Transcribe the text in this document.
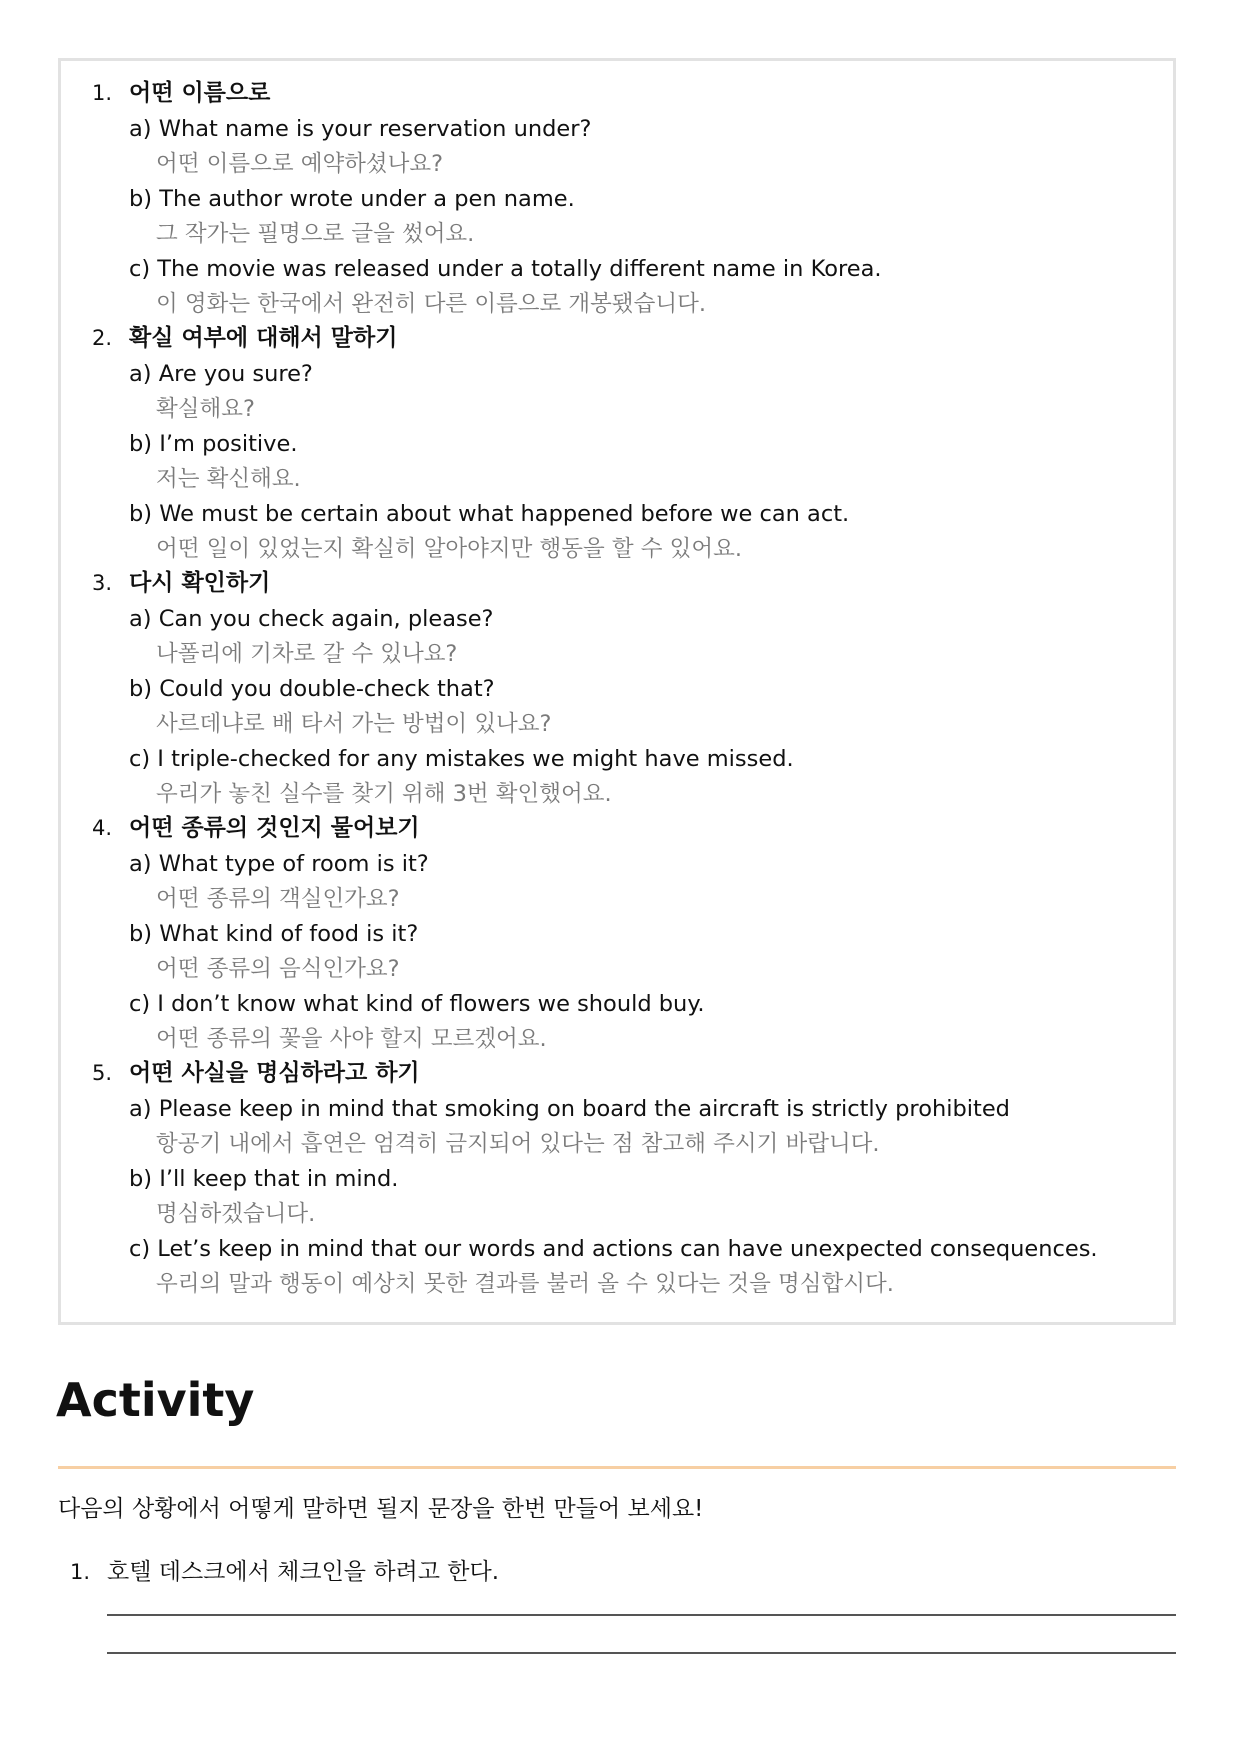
1. 어떤 이름으로
a) What name is your reservation under?
어떤 이름으로 예약하셨나요?
b) The author wrote under a pen name.
그 작가는 필명으로 글을 썼어요.
c) The movie was released under a totally different name in Korea.
이 영화는 한국에서 완전히 다른 이름으로 개봉됐습니다.
2. 확실 여부에 대해서 말하기
a) Are you sure?
확실해요?
b) I’m positive.
저는 확신해요.
b) We must be certain about what happened before we can act.
어떤 일이 있었는지 확실히 알아야지만 행동을 할 수 있어요.
3. 다시 확인하기
a) Can you check again, please?
나폴리에 기차로 갈 수 있나요?
b) Could you double-check that?
사르데냐로 배 타서 가는 방법이 있나요?
c) I triple-checked for any mistakes we might have missed.
우리가 놓친 실수를 찾기 위해 3번 확인했어요.
4. 어떤 종류의 것인지 물어보기
a) What type of room is it?
어떤 종류의 객실인가요?
b) What kind of food is it?
어떤 종류의 음식인가요?
c) I don’t know what kind of flowers we should buy.
어떤 종류의 꽃을 사야 할지 모르겠어요.
5. 어떤 사실을 명심하라고 하기
a) Please keep in mind that smoking on board the aircraft is strictly prohibited
항공기 내에서 흡연은 엄격히 금지되어 있다는 점 참고해 주시기 바랍니다.
b) I’ll keep that in mind.
명심하겠습니다.
c) Let’s keep in mind that our words and actions can have unexpected consequences.
우리의 말과 행동이 예상치 못한 결과를 불러 올 수 있다는 것을 명심합시다.
Activity
다음의 상황에서 어떻게 말하면 될지 문장을 한번 만들어 보세요!
1. 호텔 데스크에서 체크인을 하려고 한다.
